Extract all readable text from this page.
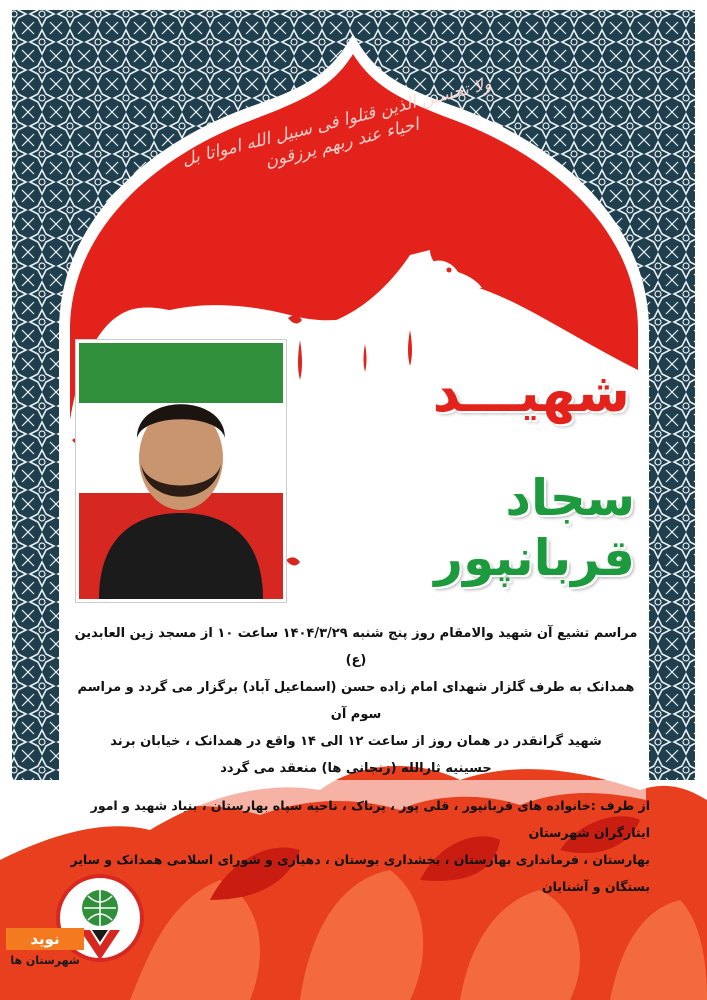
ولا تحسبن الذین قتلوا فی سبیل الله امواتا بل احیاء عند ربهم یرزقون
شهیـــد
سجاد قربانپور

مراسم تشیع آن شهید والامقام روز پنج شنبه ۱۴۰۴/۳/۲۹ ساعت ۱۰ از مسجد زین العابدین (ع)

همدانک به طرف گلزار شهدای امام زاده حسن (اسماعیل آباد) برگزار می گردد و مراسم سوم آن

شهید گرانقدر در همان روز از ساعت ۱۲ الی ۱۴ واقع در همدانک ، خیابان برند

حسینیه ثارالله (زنجانی ها) منعقد می گردد

از طرف :خانواده های قربانپور ، قلی پور ، پرناک ، ناحیه سپاه بهارستان ، بنیاد شهید و امور ایثارگران شهرستان

بهارستان ، فرمانداری بهارستان ، بخشداری بوستان ، دهیاری و شورای اسلامی همدانک و سایر بستگان و آشنایان

نوید
شهرستان ها
